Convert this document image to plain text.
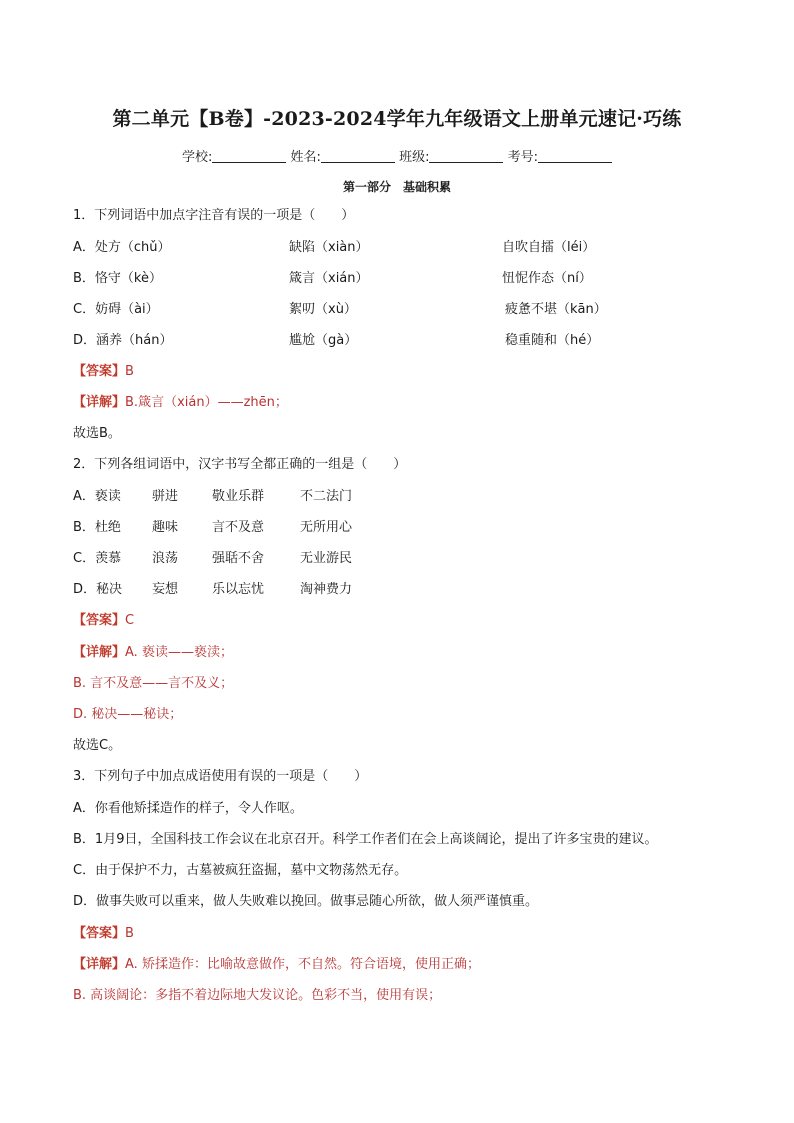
第二单元【B卷】-2023-2024学年九年级语文上册单元速记·巧练
学校:	姓名:	班级:	考号:
第一部分　基础积累
1．下列词语中加点字注音有误的一项是（　　）
A．处方（chǔ）	缺陷（xiàn）	自吹自擂（léi）
B．恪守（kè）	箴言（xián）	忸怩作态（ní）
C．妨碍（ài）	絮叨（xù）	疲惫不堪（kān）
D．涵养（hán）	尴尬（gà）	稳重随和（hé）
【答案】B
【详解】B.箴言（xián）——zhēn；
故选B。
2．下列各组词语中，汉字书写全都正确的一组是（　　）
A．亵读 骈进	敬业乐群	不二法门
B．杜绝 趣味	言不及意	无所用心
C．羡慕 浪荡	强聒不舍	无业游民
D．秘决 妄想	乐以忘忧	淘神费力
【答案】C
【详解】A. 亵读——亵渎；
B. 言不及意——言不及义；
D. 秘决——秘诀；
故选C。
3．下列句子中加点成语使用有误的一项是（　　）
A．你看他矫揉造作的样子，令人作呕。
B．1月9日，全国科技工作会议在北京召开。科学工作者们在会上高谈阔论，提出了许多宝贵的建议。
C．由于保护不力，古墓被疯狂盗掘，墓中文物荡然无存。
D．做事失败可以重来，做人失败难以挽回。做事忌随心所欲，做人须严谨慎重。
【答案】B
【详解】A. 矫揉造作：比喻故意做作，不自然。符合语境，使用正确；
B. 高谈阔论：多指不着边际地大发议论。色彩不当，使用有误；
